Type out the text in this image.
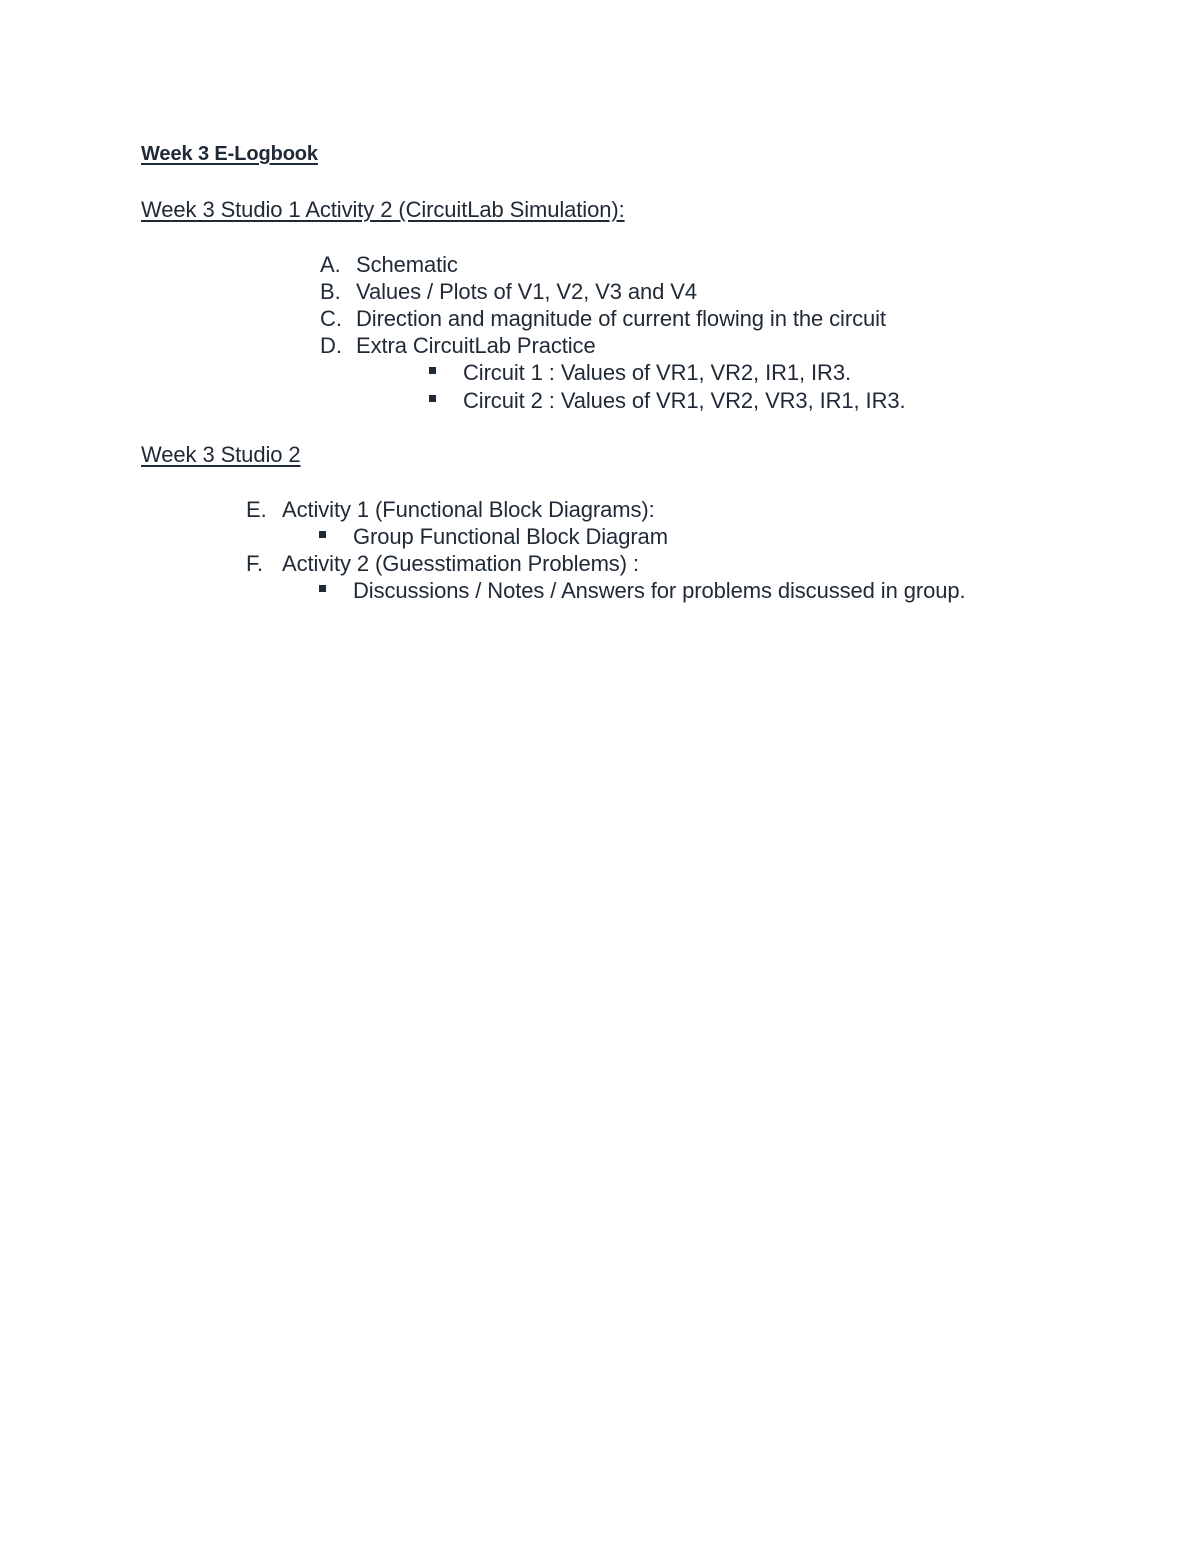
Week 3 E-Logbook
Week 3 Studio 1 Activity 2 (CircuitLab Simulation):
A. Schematic
B. Values / Plots of V1, V2, V3 and V4
C. Direction and magnitude of current flowing in the circuit
D. Extra CircuitLab Practice
Circuit 1 : Values of VR1, VR2, IR1, IR3.
Circuit 2 : Values of VR1, VR2, VR3, IR1, IR3.
Week 3 Studio 2
E. Activity 1 (Functional Block Diagrams):
Group Functional Block Diagram
F. Activity 2 (Guesstimation Problems) :
Discussions / Notes / Answers for problems discussed in group.
